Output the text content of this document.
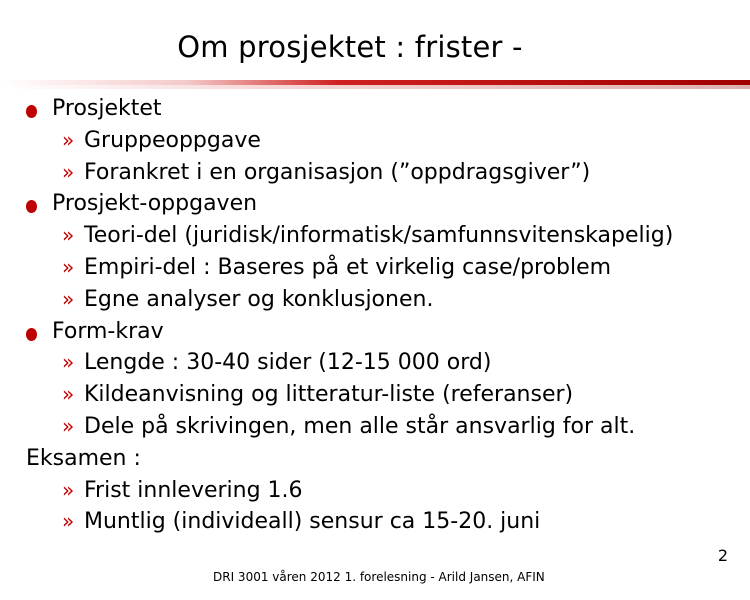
Om prosjektet : frister -
Prosjektet
» Gruppeoppgave
» Forankret i en organisasjon (”oppdragsgiver”)
Prosjekt-oppgaven
» Teori-del (juridisk/informatisk/samfunnsvitenskapelig)
» Empiri-del : Baseres på et virkelig case/problem
» Egne analyser og konklusjonen.
Form-krav
» Lengde : 30-40 sider (12-15 000 ord)
» Kildeanvisning og litteratur-liste (referanser)
» Dele på skrivingen, men alle står ansvarlig for alt.
Eksamen :
» Frist innlevering 1.6
» Muntlig (individeall) sensur ca 15-20. juni
2
DRI 3001 våren 2012 1. forelesning - Arild Jansen, AFIN
